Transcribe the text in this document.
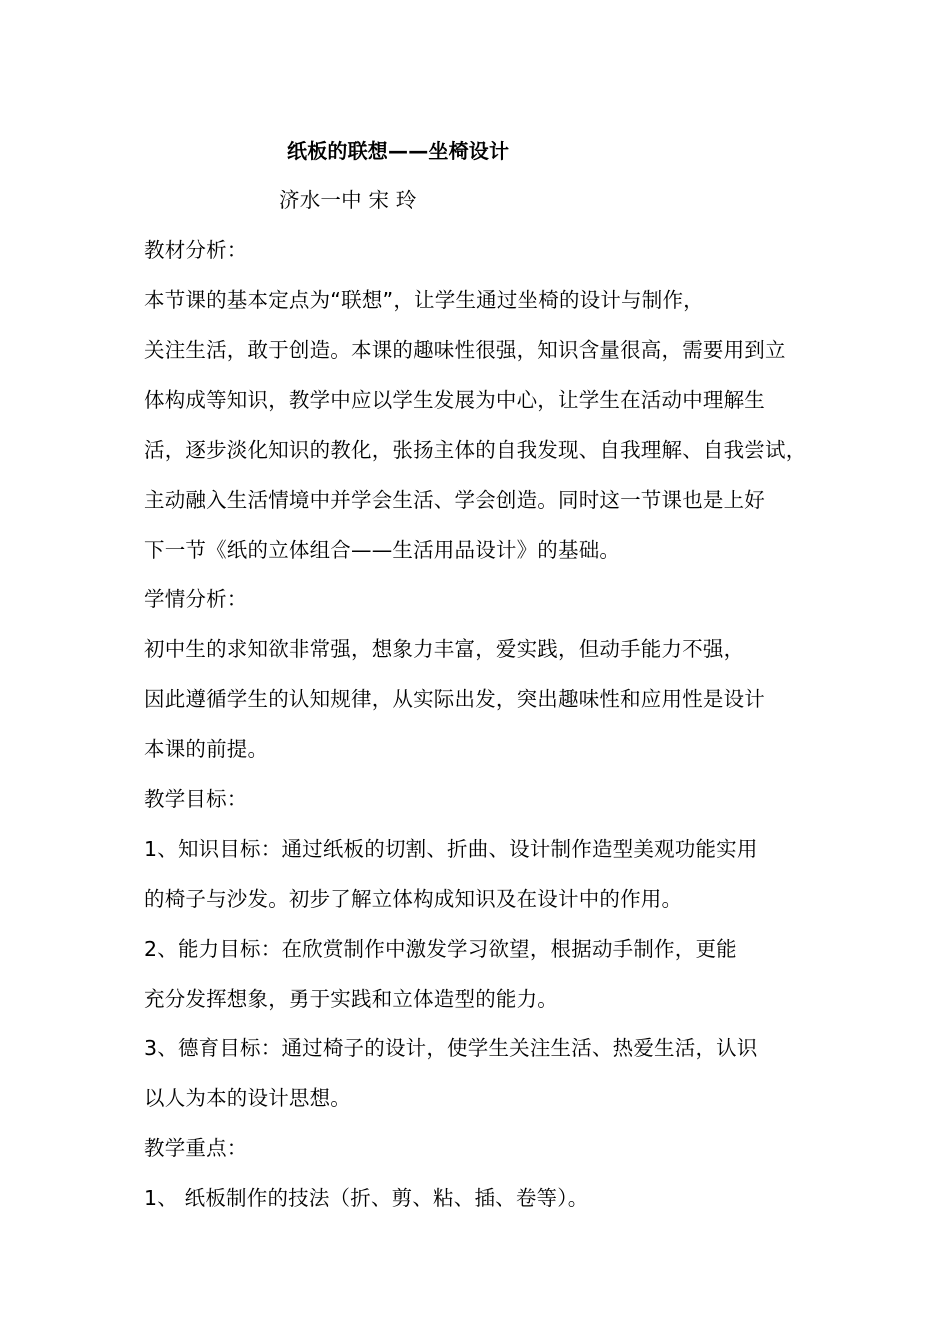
纸板的联想——坐椅设计
济水一中 宋 玲
教材分析：
本节课的基本定点为“联想”，让学生通过坐椅的设计与制作，
关注生活，敢于创造。本课的趣味性很强，知识含量很高，需要用到立
体构成等知识，教学中应以学生发展为中心，让学生在活动中理解生
活，逐步淡化知识的教化，张扬主体的自我发现、自我理解、自我尝试，
主动融入生活情境中并学会生活、学会创造。同时这一节课也是上好
下一节《纸的立体组合——生活用品设计》的基础。
学情分析：
初中生的求知欲非常强，想象力丰富，爱实践，但动手能力不强，
因此遵循学生的认知规律，从实际出发，突出趣味性和应用性是设计
本课的前提。
教学目标：
1、知识目标：通过纸板的切割、折曲、设计制作造型美观功能实用
的椅子与沙发。初步了解立体构成知识及在设计中的作用。
2、能力目标：在欣赏制作中激发学习欲望，根据动手制作，更能
充分发挥想象，勇于实践和立体造型的能力。
3、德育目标：通过椅子的设计，使学生关注生活、热爱生活，认识
以人为本的设计思想。
教学重点：
1、 纸板制作的技法（折、剪、粘、插、卷等）。
